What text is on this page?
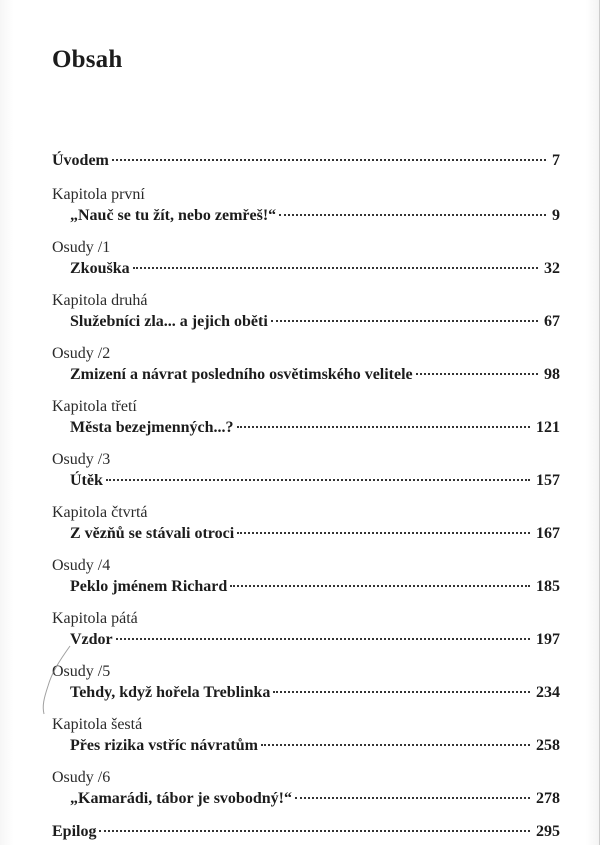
Obsah
Úvodem	7
Kapitola první
„Nauč se tu žít, nebo zemřeš!“	9
Osudy /1
Zkouška	32
Kapitola druhá
Služebníci zla... a jejich oběti	67
Osudy /2
Zmizení a návrat posledního osvětimského velitele	98
Kapitola třetí
Města bezejmenných...?	121
Osudy /3
Útěk	157
Kapitola čtvrtá
Z vězňů se stávali otroci	167
Osudy /4
Peklo jménem Richard	185
Kapitola pátá
Vzdor	197
Osudy /5
Tehdy, když hořela Treblinka	234
Kapitola šestá
Přes rizika vstříc návratům	258
Osudy /6
„Kamarádi, tábor je svobodný!“	278
Epilog	295
